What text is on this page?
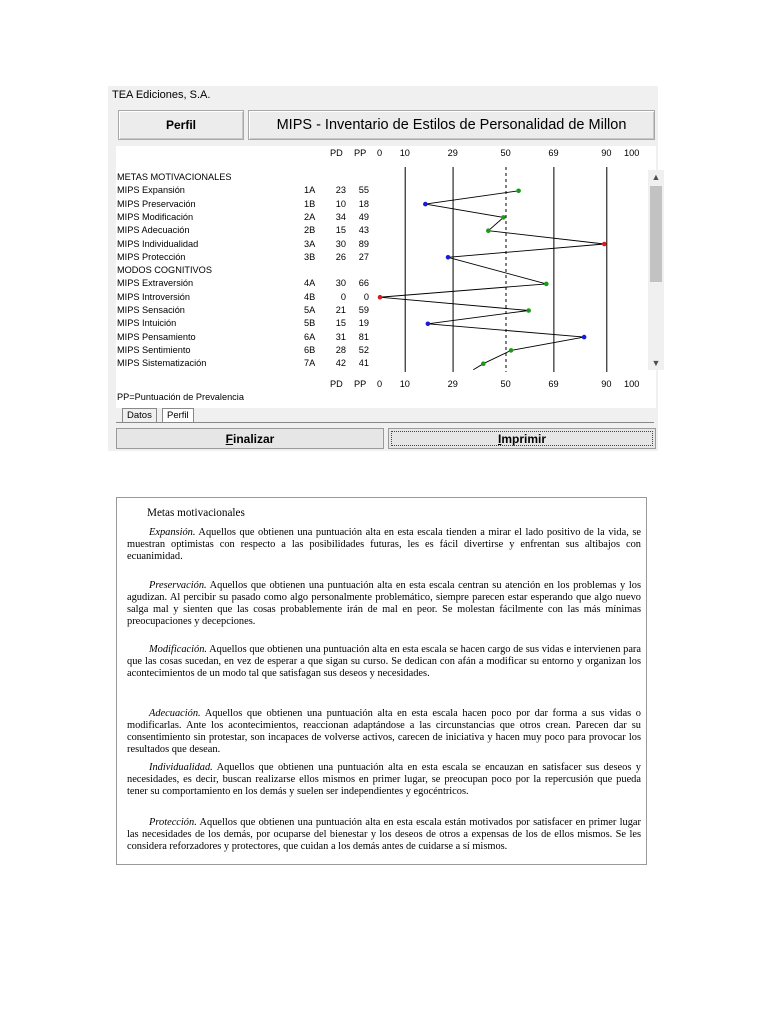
TEA Ediciones, S.A.
Perfil	MIPS - Inventario de Estilos de Personalidad de Millon
▲
▼
PD PP 0 10	29	50	69	90 100
PD PP 0 10	29	50	69	90 100
METAS MOTIVACIONALES
MIPS Expansión	1A	23	55
MIPS Preservación	1B	10	18
MIPS Modificación	2A	34	49
MIPS Adecuación	2B	15	43
MIPS Individualidad	3A	30	89
MIPS Protección	3B	26	27
MODOS COGNITIVOS
MIPS Extraversión	4A	30	66
MIPS Introversión	4B	0	0
MIPS Sensación	5A	21	59
MIPS Intuición	5B	15	19
MIPS Pensamiento	6A	31	81
MIPS Sentimiento	6B	28	52
MIPS Sistematización	7A	42	41
PP=Puntuación de Prevalencia
Datos	Perfil
F inalizar	I mprimir
Metas motivacionales
Expansión. Aquellos que obtienen una puntuación alta en esta escala tienden a mirar el lado positivo de la vida, se muestran optimistas con respecto a las posibilidades futuras, les es fácil divertirse y enfrentan sus altibajos con ecuanimidad.
Preservación. Aquellos que obtienen una puntuación alta en esta escala centran su atención en los problemas y los agudizan. Al percibir su pasado como algo personalmente problemático, siempre parecen estar esperando que algo nuevo salga mal y sienten que las cosas probablemente irán de mal en peor. Se molestan fácilmente con las más mínimas preocupaciones y decepciones.
Modificación. Aquellos que obtienen una puntuación alta en esta escala se hacen cargo de sus vidas e intervienen para que las cosas sucedan, en vez de esperar a que sigan su curso. Se dedican con afán a modificar su entorno y organizan los acontecimientos de un modo tal que satisfagan sus deseos y necesidades.
Adecuación. Aquellos que obtienen una puntuación alta en esta escala hacen poco por dar forma a sus vidas o modificarlas. Ante los acontecimientos, reaccionan adaptándose a las circunstancias que otros crean. Parecen dar su consentimiento sin protestar, son incapaces de volverse activos, carecen de iniciativa y hacen muy poco para provocar los resultados que desean.
Individualidad. Aquellos que obtienen una puntuación alta en esta escala se encauzan en satisfacer sus deseos y necesidades, es decir, buscan realizarse ellos mismos en primer lugar, se preocupan poco por la repercusión que pueda tener su comportamiento en los demás y suelen ser independientes y egocéntricos.
Protección. Aquellos que obtienen una puntuación alta en esta escala están motivados por satisfacer en primer lugar las necesidades de los demás, por ocuparse del bienestar y los deseos de otros a expensas de los de ellos mismos. Se les considera reforzadores y protectores, que cuidan a los demás antes de cuidarse a sí mismos.
